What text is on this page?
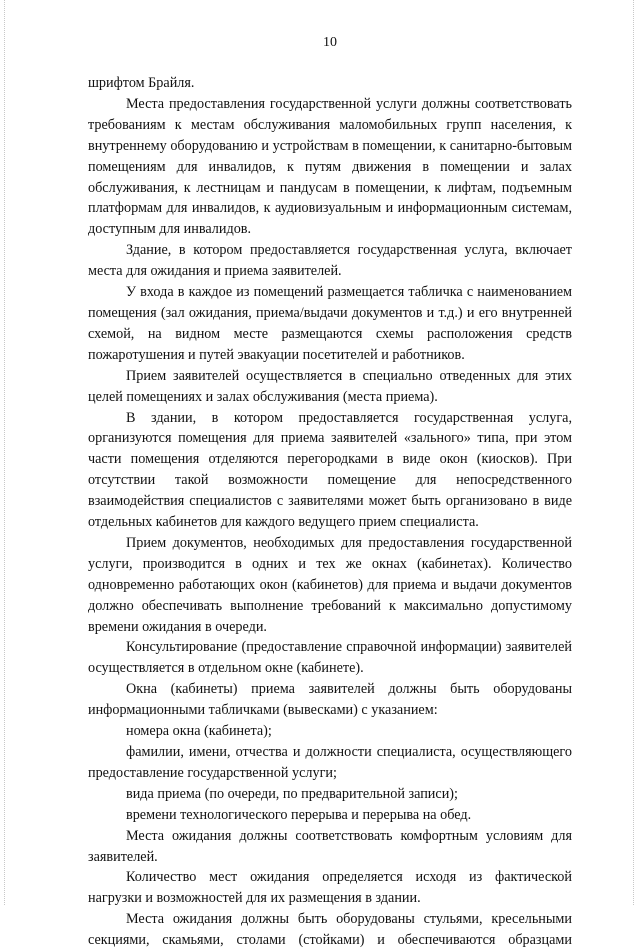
10

шрифтом Брайля.

Места предоставления государственной услуги должны соответствовать требованиям к местам обслуживания маломобильных групп населения, к внутреннему оборудованию и устройствам в помещении, к санитарно-бытовым помещениям для инвалидов, к путям движения в помещении и залах обслуживания, к лестницам и пандусам в помещении, к лифтам, подъемным платформам для инвалидов, к аудиовизуальным и информационным системам, доступным для инвалидов.

Здание, в котором предоставляется государственная услуга, включает места для ожидания и приема заявителей.

У входа в каждое из помещений размещается табличка с наименованием помещения (зал ожидания, приема/выдачи документов и т.д.) и его внутренней схемой, на видном месте размещаются схемы расположения средств пожаротушения и путей эвакуации посетителей и работников.

Прием заявителей осуществляется в специально отведенных для этих целей помещениях и залах обслуживания (места приема).

В здании, в котором предоставляется государственная услуга, организуются помещения для приема заявителей «зального» типа, при этом части помещения отделяются перегородками в виде окон (киосков). При отсутствии такой возможности помещение для непосредственного взаимодействия специалистов с заявителями может быть организовано в виде отдельных кабинетов для каждого ведущего прием специалиста.

Прием документов, необходимых для предоставления государственной услуги, производится в одних и тех же окнах (кабинетах). Количество одновременно работающих окон (кабинетов) для приема и выдачи документов должно обеспечивать выполнение требований к максимально допустимому времени ожидания в очереди.

Консультирование (предоставление справочной информации) заявителей осуществляется в отдельном окне (кабинете).

Окна (кабинеты) приема заявителей должны быть оборудованы информационными табличками (вывесками) с указанием:

номера окна (кабинета);

фамилии, имени, отчества и должности специалиста, осуществляющего предоставление государственной услуги;

вида приема (по очереди, по предварительной записи);

времени технологического перерыва и перерыва на обед.

Места ожидания должны соответствовать комфортным условиям для заявителей.

Количество мест ожидания определяется исходя из фактической нагрузки и возможностей для их размещения в здании.

Места ожидания должны быть оборудованы стульями, кресельными секциями, скамьями, столами (стойками) и обеспечиваются образцами
